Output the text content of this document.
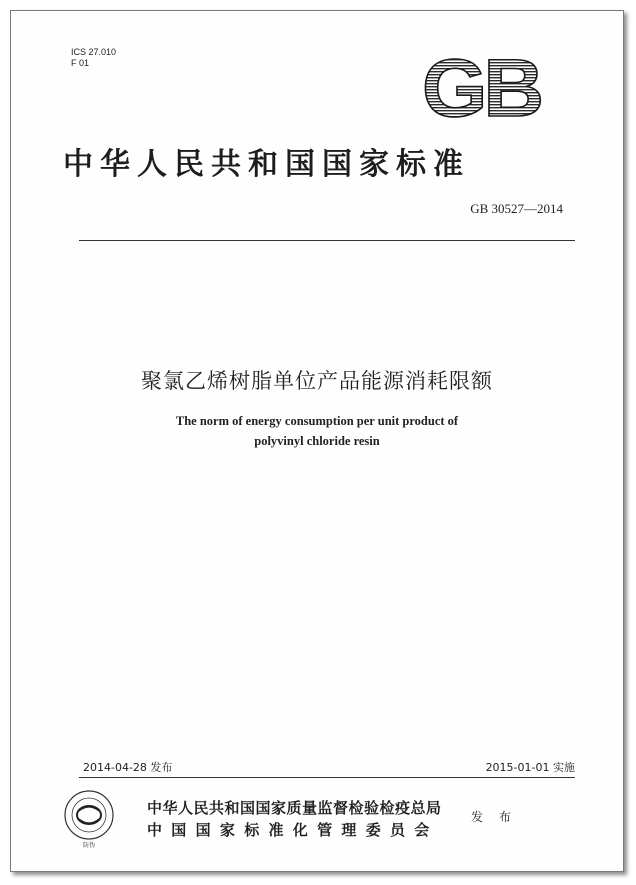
ICS 27.010
F 01	GB
中华人民共和国国家标准
GB 30527—2014
聚氯乙烯树脂单位产品能源消耗限额
The norm of energy consumption per unit product of
polyvinyl chloride resin
2014-04-28 发布	2015-01-01 实施
防伪
中华人民共和国国家质量监督检验检疫总局
中国国家标准化管理委员会
发 布
